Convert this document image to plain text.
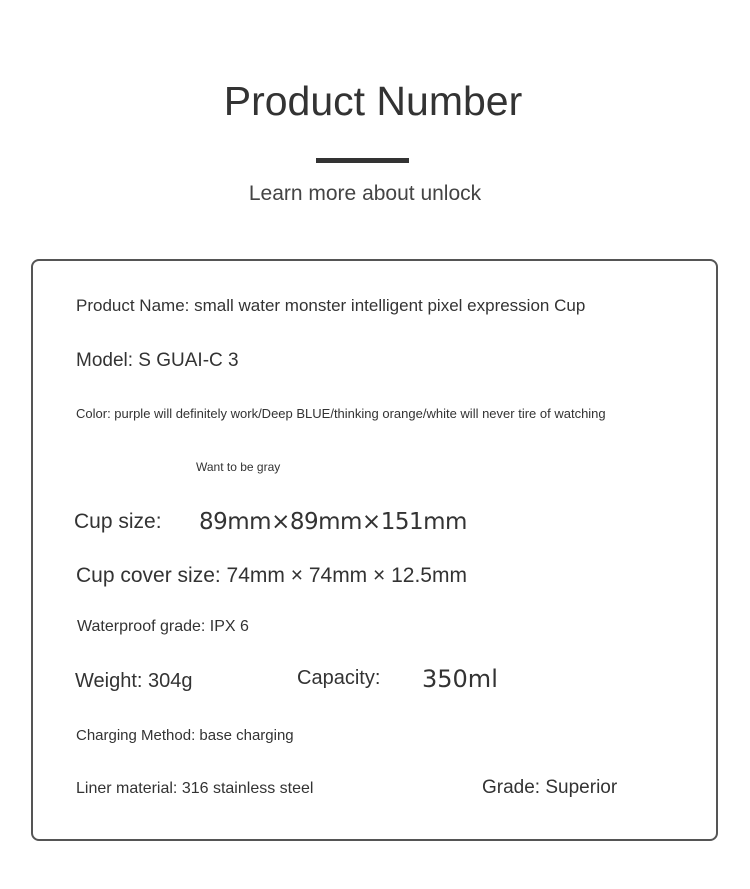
Product Number
Learn more about unlock
Product Name: small water monster intelligent pixel expression Cup
Model: S GUAI-C 3
Color: purple will definitely work/Deep BLUE/thinking orange/white will never tire of watching
Want to be gray
Cup size: 89mm×89mm×151mm
Cup cover size: 74mm × 74mm × 12.5mm
Waterproof grade: IPX 6
Weight: 304g	Capacity: 350ml
Charging Method: base charging
Liner material: 316 stainless steel	Grade: Superior
